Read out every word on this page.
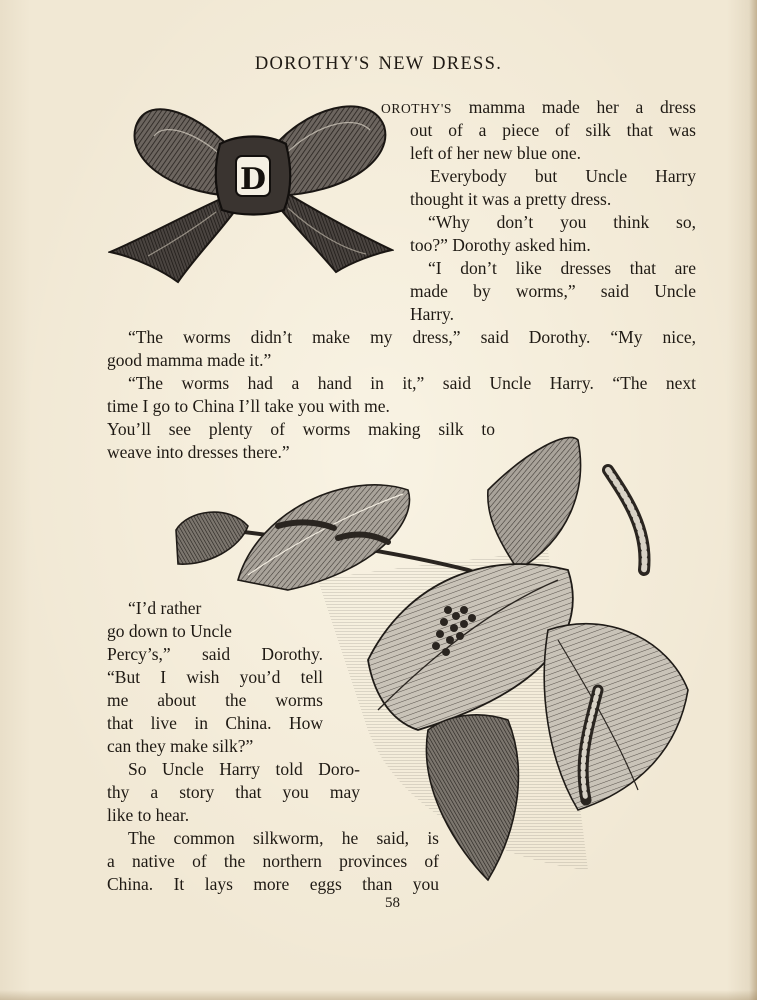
DOROTHY'S NEW DRESS.
D
OROTHY'S mamma made her a dress
out of a piece of silk that was
left of her new blue one.
Everybody but Uncle Harry
thought it was a pretty dress.
“Why don’t you think so,
too?” Dorothy asked him.
“I don’t like dresses that are
made by worms,” said Uncle
Harry.
“The worms didn’t make my dress,” said Dorothy. “My nice,
good mamma made it.”
“The worms had a hand in it,” said Uncle Harry. “The next
time I go to China I’ll take you with me.
You’ll see plenty of worms making silk to
weave into dresses there.”
“I’d rather
go down to Uncle
Percy’s,” said Dorothy.
“But I wish you’d tell
me about the worms
that live in China. How
can they make silk?”
So Uncle Harry told Doro-
thy a story that you may
like to hear.
The common silkworm, he said, is
a native of the northern provinces of
China. It lays more eggs than you
58
